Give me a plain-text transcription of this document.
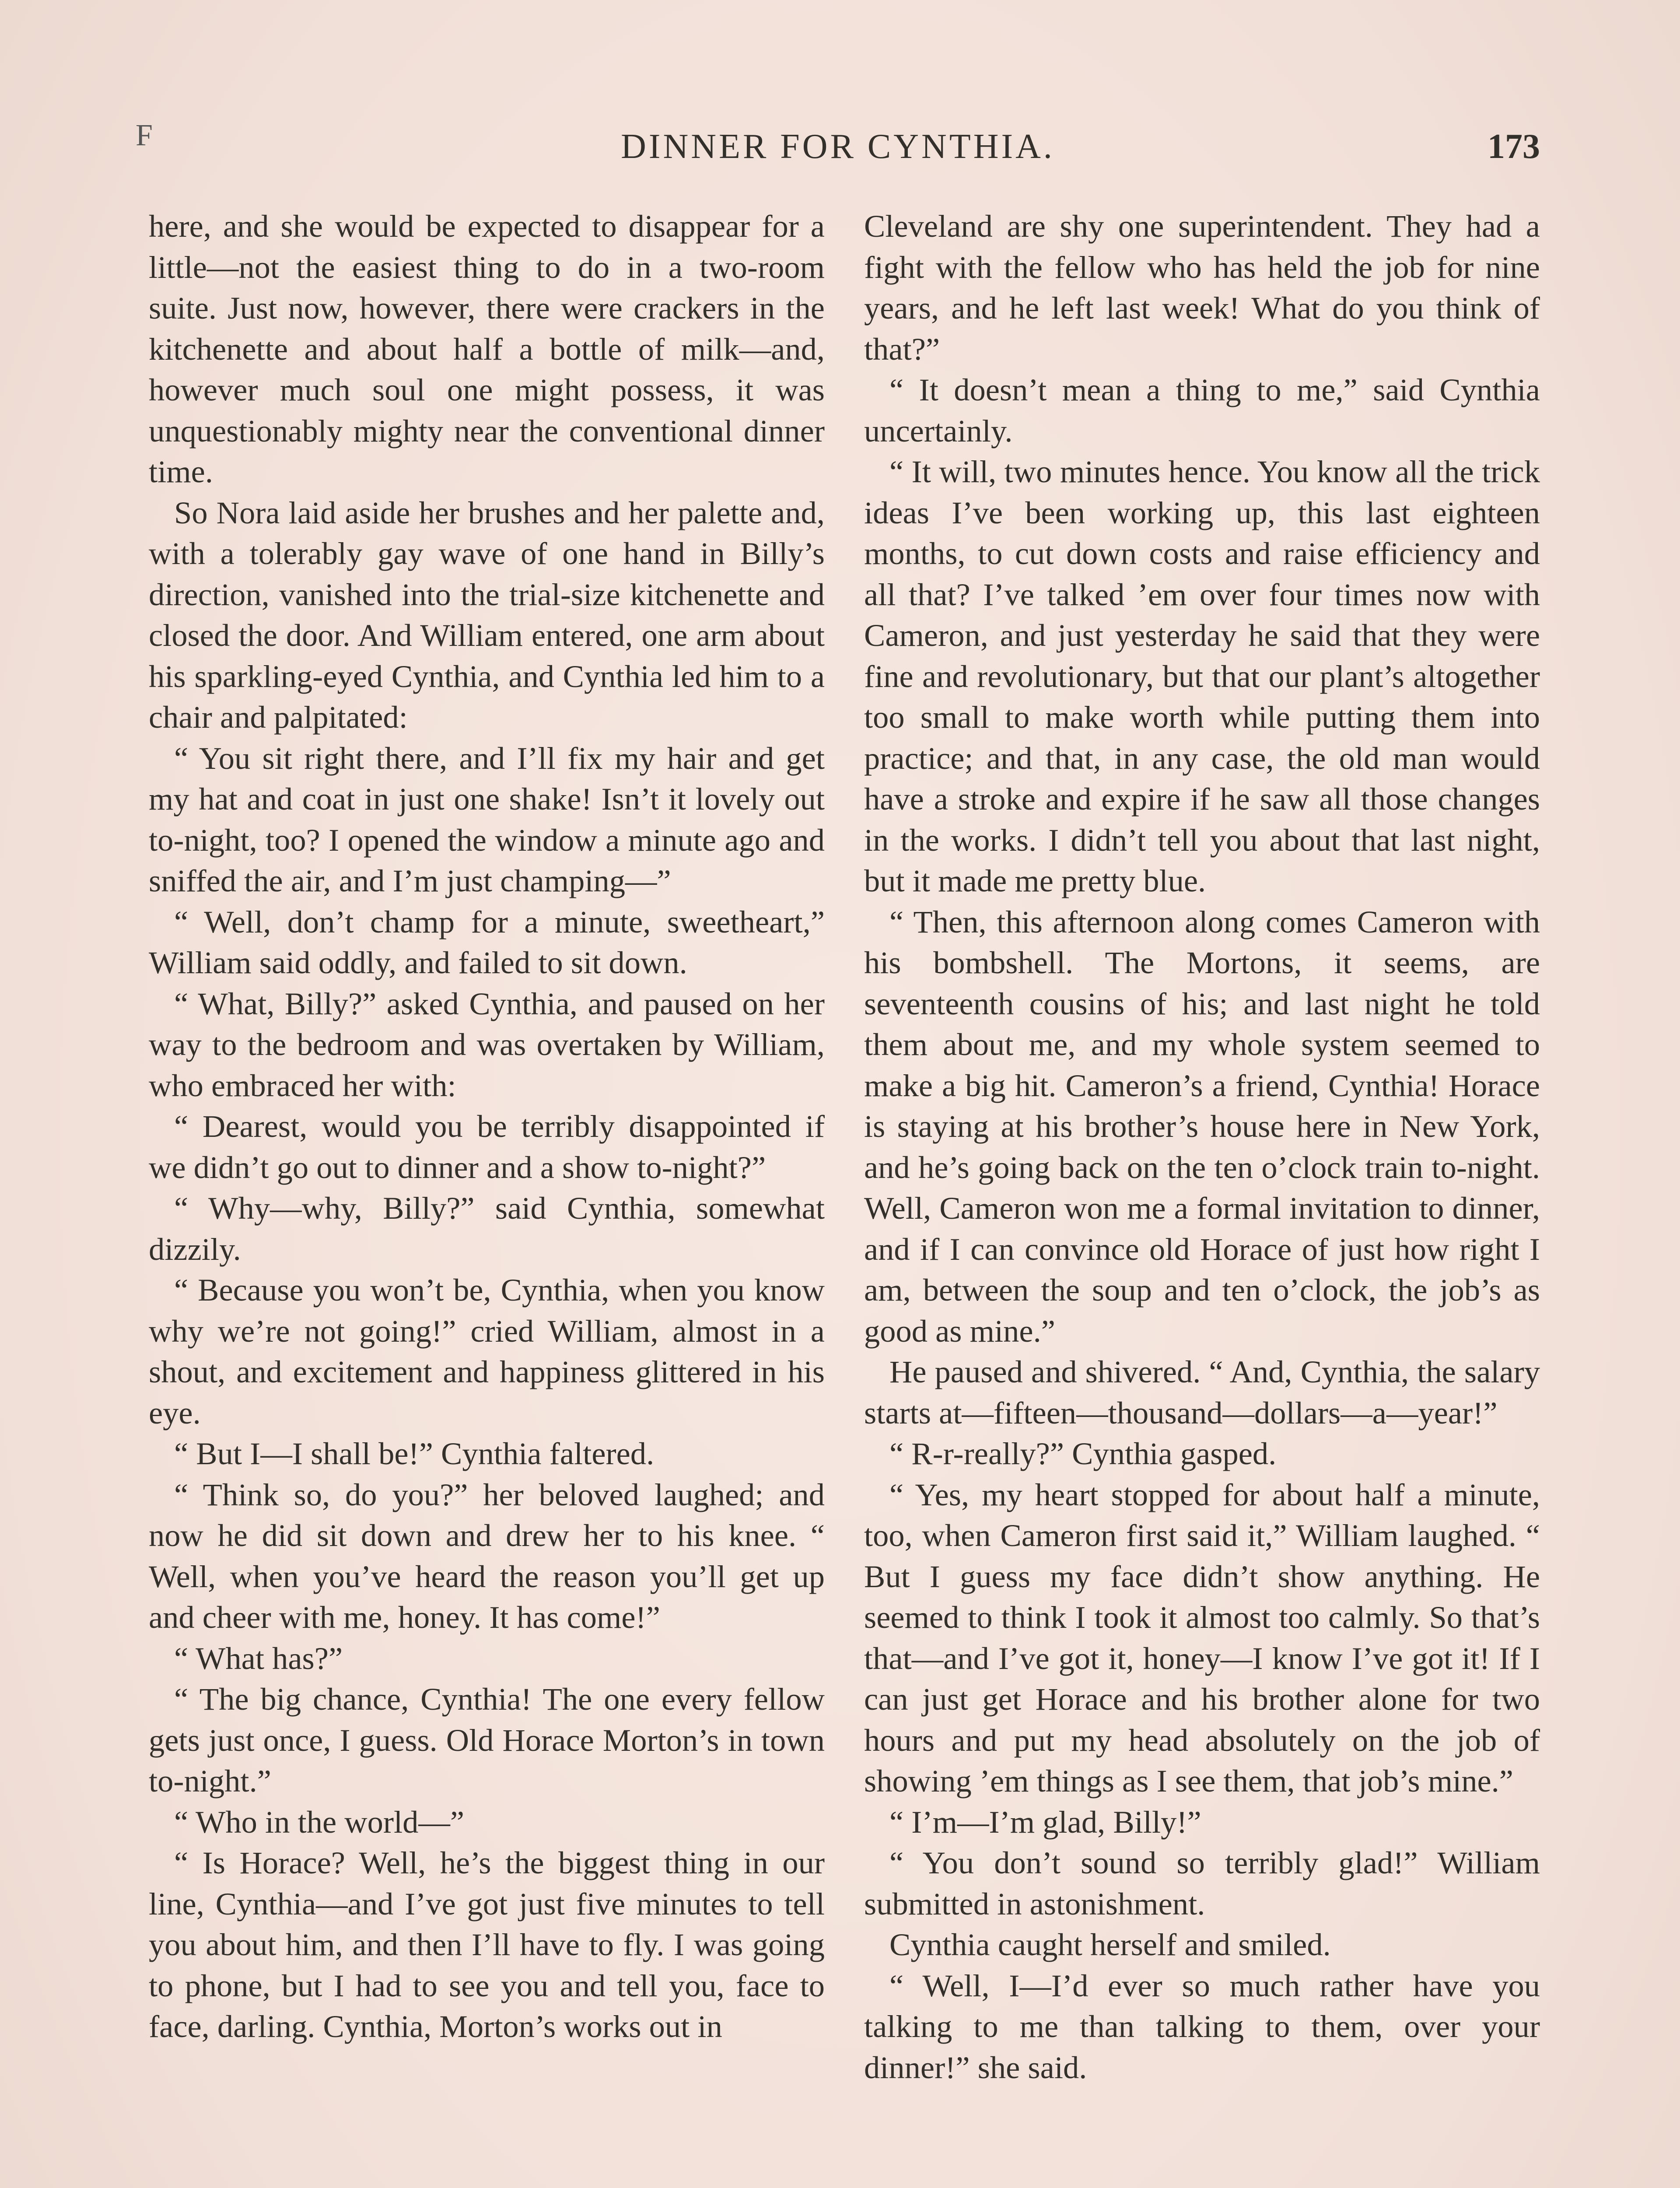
F	DINNER FOR CYNTHIA.	173

here, and she would be expected to disappear for a little—not the easiest thing to do in a two-room suite. Just now, however, there were crackers in the kitchenette and about half a bottle of milk—and, however much soul one might possess, it was unquestionably mighty near the conventional dinner time.

So Nora laid aside her brushes and her palette and, with a tolerably gay wave of one hand in Billy’s direction, vanished into the trial-size kitchenette and closed the door. And William entered, one arm about his sparkling-eyed Cynthia, and Cynthia led him to a chair and palpitated:

“ You sit right there, and I’ll fix my hair and get my hat and coat in just one shake! Isn’t it lovely out to-night, too? I opened the window a minute ago and sniffed the air, and I’m just champing—”

“ Well, don’t champ for a minute, sweetheart,” William said oddly, and failed to sit down.

“ What, Billy?” asked Cynthia, and paused on her way to the bedroom and was overtaken by William, who embraced her with:

“ Dearest, would you be terribly disappointed if we didn’t go out to dinner and a show to-night?”

“ Why—why, Billy?” said Cynthia, somewhat dizzily.

“ Because you won’t be, Cynthia, when you know why we’re not going!” cried William, almost in a shout, and excitement and happiness glittered in his eye.

“ But I—I shall be!” Cynthia faltered.

“ Think so, do you?” her beloved laughed; and now he did sit down and drew her to his knee. “ Well, when you’ve heard the reason you’ll get up and cheer with me, honey. It has come!”

“ What has?”

“ The big chance, Cynthia! The one every fellow gets just once, I guess. Old Horace Morton’s in town to-night.”

“ Who in the world—”

“ Is Horace? Well, he’s the biggest thing in our line, Cynthia—and I’ve got just five minutes to tell you about him, and then I’ll have to fly. I was going to phone, but I had to see you and tell you, face to face, darling. Cynthia, Morton’s works out in

Cleveland are shy one superintendent. They had a fight with the fellow who has held the job for nine years, and he left last week! What do you think of that?”

“ It doesn’t mean a thing to me,” said Cynthia uncertainly.

“ It will, two minutes hence. You know all the trick ideas I’ve been working up, this last eighteen months, to cut down costs and raise efficiency and all that? I’ve talked ’em over four times now with Cameron, and just yesterday he said that they were fine and revolutionary, but that our plant’s altogether too small to make worth while putting them into practice; and that, in any case, the old man would have a stroke and expire if he saw all those changes in the works. I didn’t tell you about that last night, but it made me pretty blue.

“ Then, this afternoon along comes Cameron with his bombshell. The Mortons, it seems, are seventeenth cousins of his; and last night he told them about me, and my whole system seemed to make a big hit. Cameron’s a friend, Cynthia! Horace is staying at his brother’s house here in New York, and he’s going back on the ten o’clock train to-night. Well, Cameron won me a formal invitation to dinner, and if I can convince old Horace of just how right I am, between the soup and ten o’clock, the job’s as good as mine.”

He paused and shivered. “ And, Cynthia, the salary starts at—fifteen—thousand—dollars—a—year!”

“ R-r-really?” Cynthia gasped.

“ Yes, my heart stopped for about half a minute, too, when Cameron first said it,” William laughed. “ But I guess my face didn’t show anything. He seemed to think I took it almost too calmly. So that’s that—and I’ve got it, honey—I know I’ve got it! If I can just get Horace and his brother alone for two hours and put my head absolutely on the job of showing ’em things as I see them, that job’s mine.”

“ I’m—I’m glad, Billy!”

“ You don’t sound so terribly glad!” William submitted in astonishment.

Cynthia caught herself and smiled.

“ Well, I—I’d ever so much rather have you talking to me than talking to them, over your dinner!” she said.
